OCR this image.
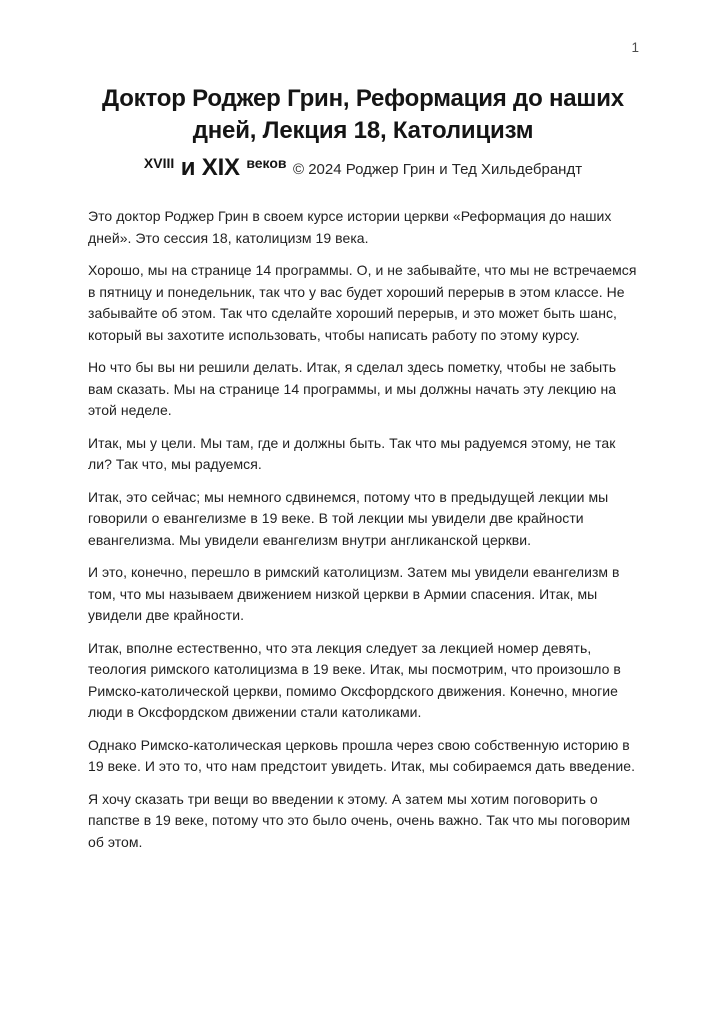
1
Доктор Роджер Грин, Реформация до наших
дней, Лекция 18, Католицизм
$^{XVIII}$ и XIX $^{веков}$ © 2024 Роджер Грин и Тед Хильдебрандт

Это доктор Роджер Грин в своем курсе истории церкви «Реформация до наших дней». Это сессия 18, католицизм 19 века.

Хорошо, мы на странице 14 программы. О, и не забывайте, что мы не встречаемся в пятницу и понедельник, так что у вас будет хороший перерыв в этом классе. Не забывайте об этом. Так что сделайте хороший перерыв, и это может быть шанс, который вы захотите использовать, чтобы написать работу по этому курсу.

Но что бы вы ни решили делать. Итак, я сделал здесь пометку, чтобы не забыть вам сказать. Мы на странице 14 программы, и мы должны начать эту лекцию на этой неделе.

Итак, мы у цели. Мы там, где и должны быть. Так что мы радуемся этому, не так ли? Так что, мы радуемся.

Итак, это сейчас; мы немного сдвинемся, потому что в предыдущей лекции мы говорили о евангелизме в 19 веке. В той лекции мы увидели две крайности евангелизма. Мы увидели евангелизм внутри англиканской церкви.

И это, конечно, перешло в римский католицизм. Затем мы увидели евангелизм в том, что мы называем движением низкой церкви в Армии спасения. Итак, мы увидели две крайности.

Итак, вполне естественно, что эта лекция следует за лекцией номер девять, теология римского католицизма в 19 веке. Итак, мы посмотрим, что произошло в Римско-католической церкви, помимо Оксфордского движения. Конечно, многие люди в Оксфордском движении стали католиками.

Однако Римско-католическая церковь прошла через свою собственную историю в 19 веке. И это то, что нам предстоит увидеть. Итак, мы собираемся дать введение.

Я хочу сказать три вещи во введении к этому. А затем мы хотим поговорить о папстве в 19 веке, потому что это было очень, очень важно. Так что мы поговорим об этом.
